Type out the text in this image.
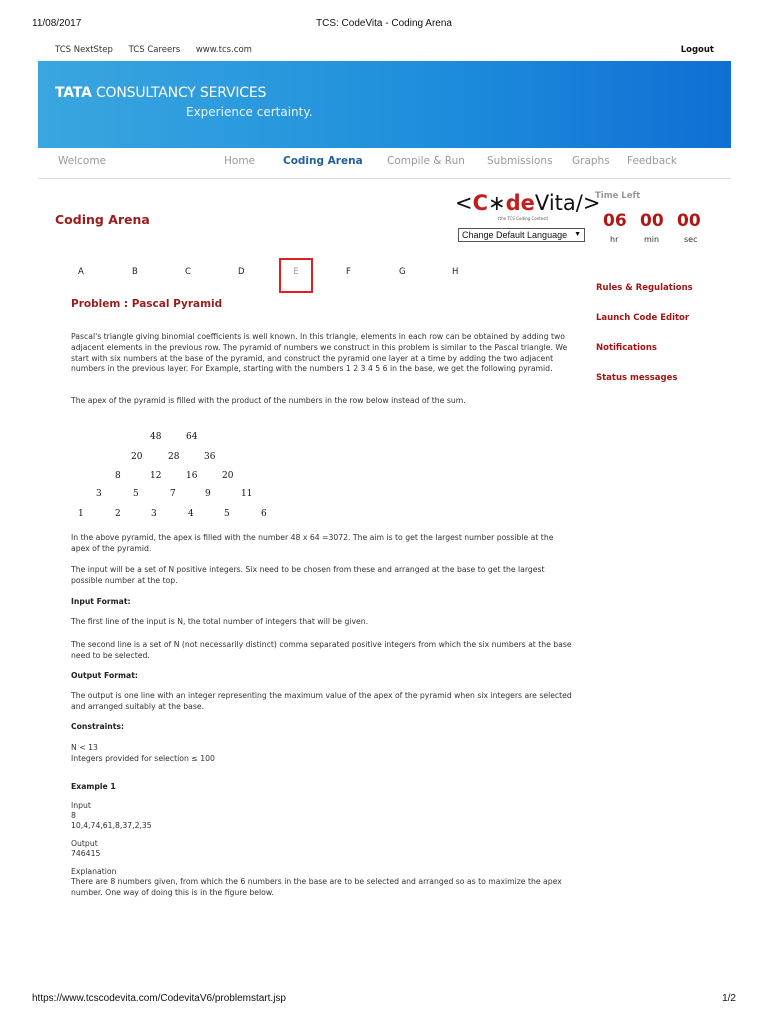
11/08/2017	TCS: CodeVita - Coding Arena
TCS NextStep TCS Careers www.tcs.com	Logout
TATA CONSULTANCY SERVICES
Experience certainty.
Welcome	Home	Coding Arena Compile & Run Submissions Graphs Feedback
Coding Arena
<C∗deVita/>
(the TCS Coding Contest)
Change Default Language ▼
Time Left
06 00 00
hr	min	sec
A	B	C	D	E	F	G	H
Rules & Regulations
Launch Code Editor
Notifications
Status messages
Problem : Pascal Pyramid

Pascal's triangle giving binomial coefficients is well known. In this triangle, elements in each row can be obtained by adding two adjacent elements in the previous row. The pyramid of numbers we construct in this problem is similar to the Pascal triangle. We start with six numbers at the base of the pyramid, and construct the pyramid one layer at a time by adding the two adjacent numbers in the previous layer. For Example, starting with the numbers 1 2 3 4 5 6 in the base, we get the following pyramid.

The apex of the pyramid is filled with the product of the numbers in the row below instead of the sum.

48	64
20	28	36
8	12	16	20
3	5	7	9	11
1	2	3	4	5	6

In the above pyramid, the apex is filled with the number 48 x 64 =3072. The aim is to get the largest number possible at the apex of the pyramid.

The input will be a set of N positive integers. Six need to be chosen from these and arranged at the base to get the largest possible number at the top.

Input Format:

The first line of the input is N, the total number of integers that will be given.

The second line is a set of N (not necessarily distinct) comma separated positive integers from which the six numbers at the base need to be selected.

Output Format:

The output is one line with an integer representing the maximum value of the apex of the pyramid when six integers are selected and arranged suitably at the base.

Constraints:

N < 13

Integers provided for selection ≤ 100

Example 1

Input

8

10,4,74,61,8,37,2,35

Output

746415

Explanation

There are 8 numbers given, from which the 6 numbers in the base are to be selected and arranged so as to maximize the apex number. One way of doing this is in the figure below.

https://www.tcscodevita.com/CodevitaV6/problemstart.jsp	1/2
